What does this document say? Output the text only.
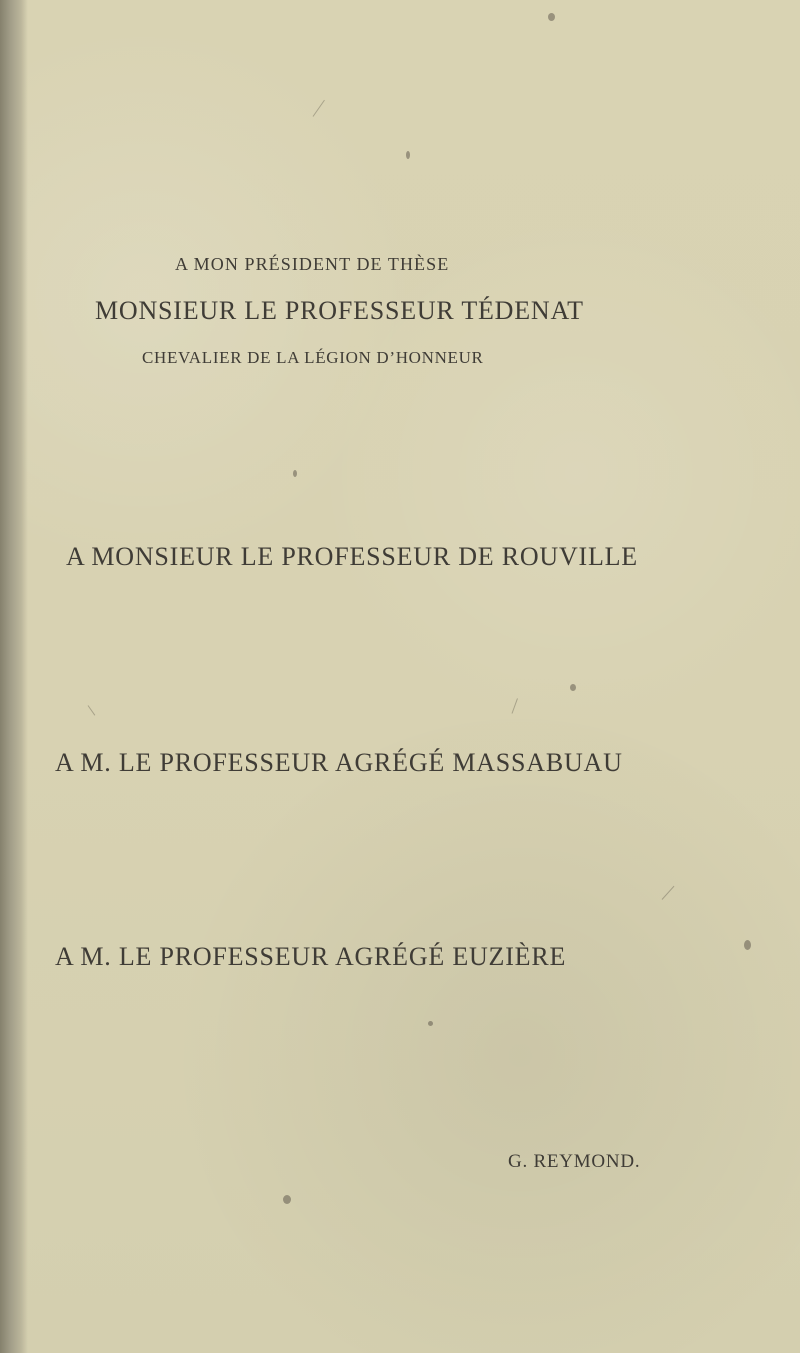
A MON PRÉSIDENT DE THÈSE
MONSIEUR LE PROFESSEUR TÉDENAT
CHEVALIER DE LA LÉGION D’HONNEUR
A MONSIEUR LE PROFESSEUR DE ROUVILLE
A M. LE PROFESSEUR AGRÉGÉ MASSABUAU
A M. LE PROFESSEUR AGRÉGÉ EUZIÈRE
G. REYMOND.
